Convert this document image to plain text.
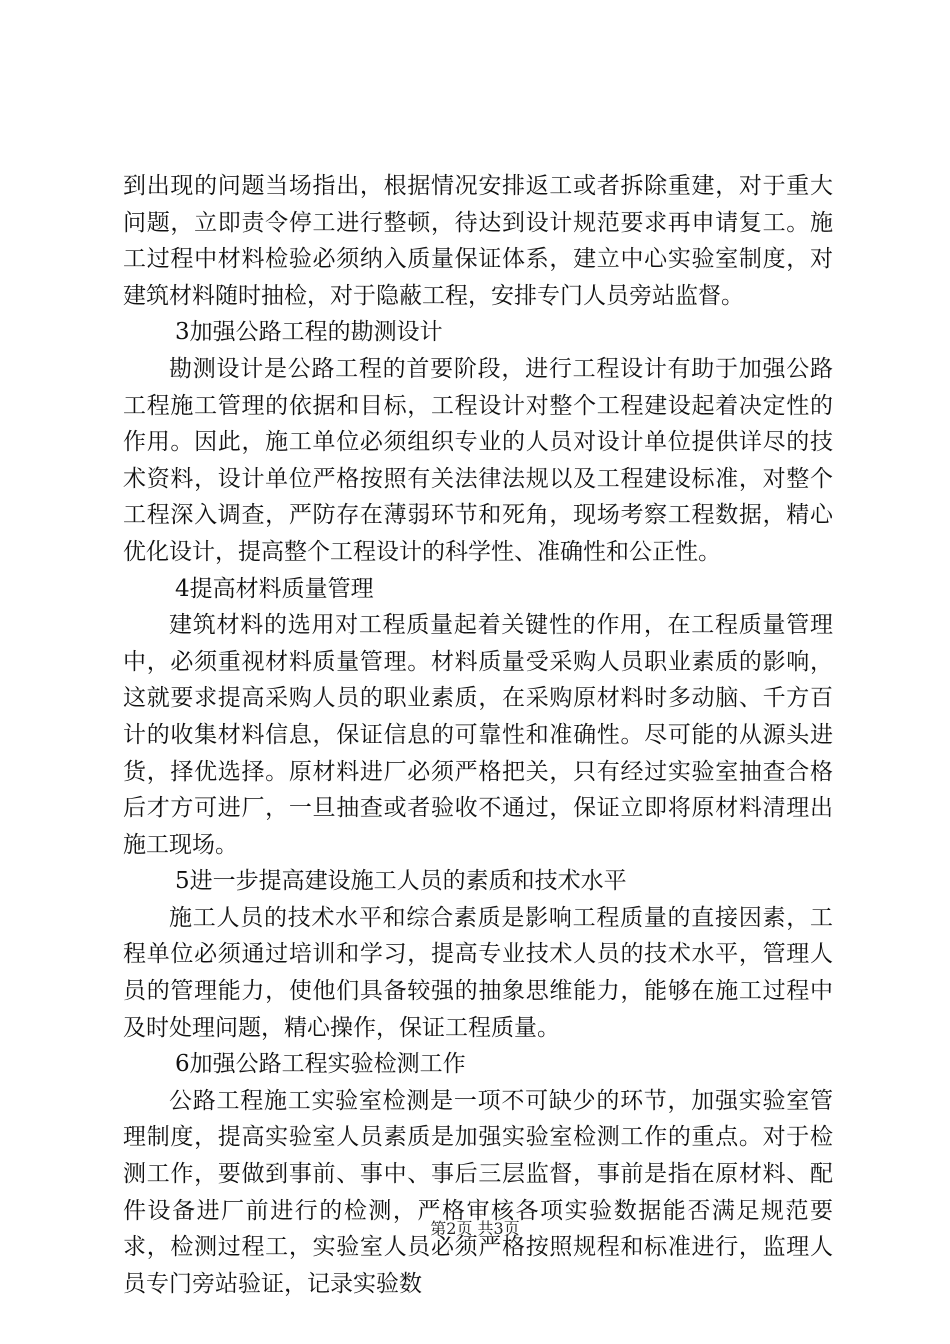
到出现的问题当场指出，根据情况安排返工或者拆除重建，对于重大问题，立即责令停工进行整顿，待达到设计规范要求再申请复工。施工过程中材料检验必须纳入质量保证体系，建立中心实验室制度，对建筑材料随时抽检，对于隐蔽工程，安排专门人员旁站监督。

3加强公路工程的勘测设计

勘测设计是公路工程的首要阶段，进行工程设计有助于加强公路工程施工管理的依据和目标，工程设计对整个工程建设起着决定性的作用。因此，施工单位必须组织专业的人员对设计单位提供详尽的技术资料，设计单位严格按照有关法律法规以及工程建设标准，对整个工程深入调查，严防存在薄弱环节和死角，现场考察工程数据，精心优化设计，提高整个工程设计的科学性、准确性和公正性。

4提高材料质量管理

建筑材料的选用对工程质量起着关键性的作用，在工程质量管理中，必须重视材料质量管理。材料质量受采购人员职业素质的影响，这就要求提高采购人员的职业素质，在采购原材料时多动脑、千方百计的收集材料信息，保证信息的可靠性和准确性。尽可能的从源头进货，择优选择。原材料进厂必须严格把关，只有经过实验室抽查合格后才方可进厂，一旦抽查或者验收不通过，保证立即将原材料清理出施工现场。

5进一步提高建设施工人员的素质和技术水平

施工人员的技术水平和综合素质是影响工程质量的直接因素，工程单位必须通过培训和学习，提高专业技术人员的技术水平，管理人员的管理能力，使他们具备较强的抽象思维能力，能够在施工过程中及时处理问题，精心操作，保证工程质量。

6加强公路工程实验检测工作

公路工程施工实验室检测是一项不可缺少的环节，加强实验室管理制度，提高实验室人员素质是加强实验室检测工作的重点。对于检测工作，要做到事前、事中、事后三层监督，事前是指在原材料、配件设备进厂前进行的检测，严格审核各项实验数据能否满足规范要求，检测过程工，实验室人员必须严格按照规程和标准进行，监理人员专门旁站验证，记录实验数

第2页 共3页
